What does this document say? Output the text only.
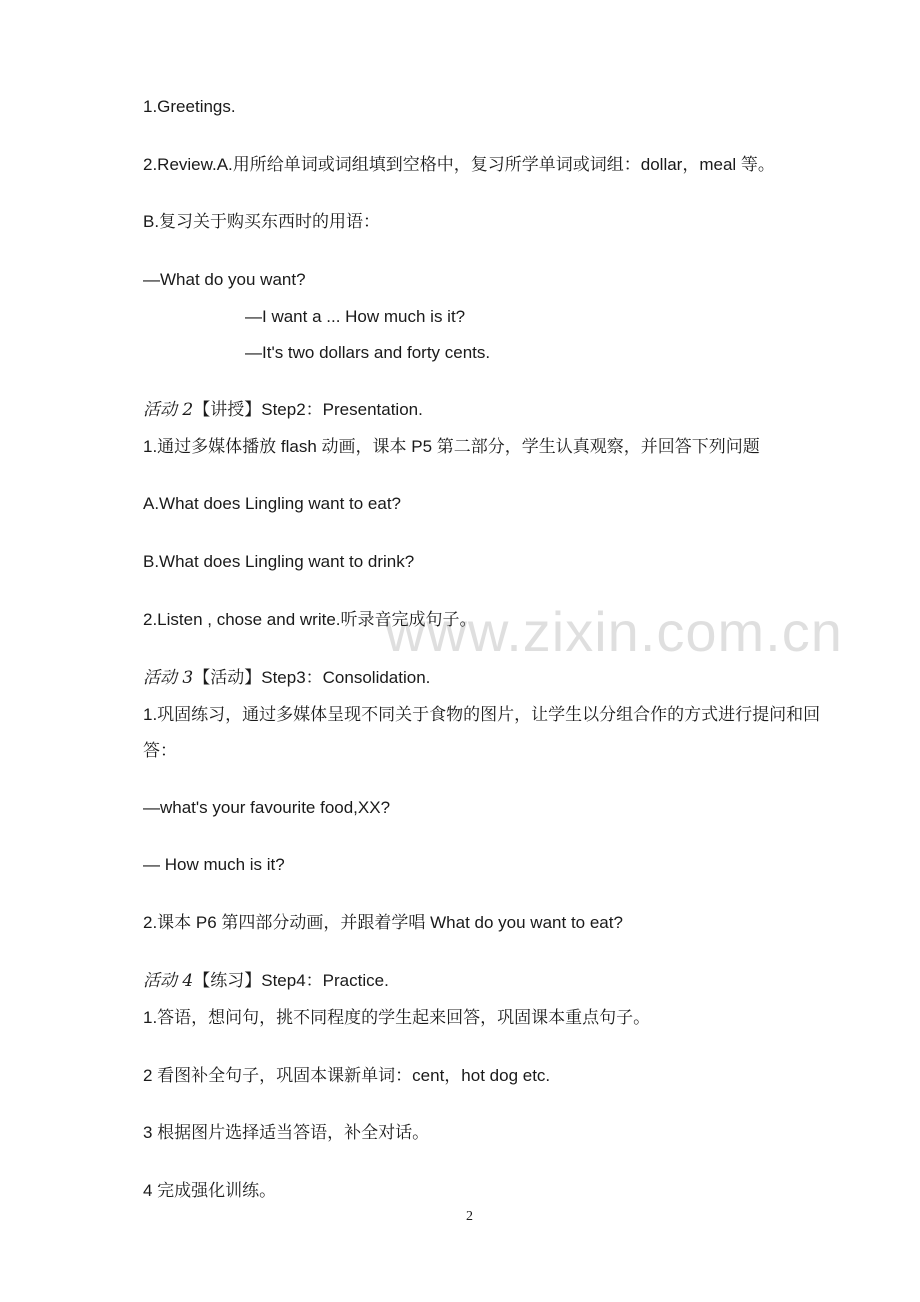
1.Greetings.
2.Review.A.用所给单词或词组填到空格中，复习所学单词或词组：dollar，meal 等。
B.复习关于购买东西时的用语：
—What do you want?
—I want a ... How much is it?
—It's two dollars and forty cents.
活动 2【讲授】Step2：Presentation.
1.通过多媒体播放 flash 动画，课本 P5 第二部分，学生认真观察，并回答下列问题
A.What does Lingling want to eat?
B.What does Lingling want to drink?
2.Listen , chose and write.听录音完成句子。
活动 3【活动】Step3：Consolidation.
1.巩固练习，通过多媒体呈现不同关于食物的图片，让学生以分组合作的方式进行提问和回答：
—what's your favourite food,XX?
— How much is it?
2.课本 P6 第四部分动画，并跟着学唱 What do you want to eat?
活动 4【练习】Step4：Practice.
1.答语，想问句，挑不同程度的学生起来回答，巩固课本重点句子。
2 看图补全句子，巩固本课新单词：cent，hot dog etc.
3 根据图片选择适当答语，补全对话。
4 完成强化训练。
www.zixin.com.cn
2
